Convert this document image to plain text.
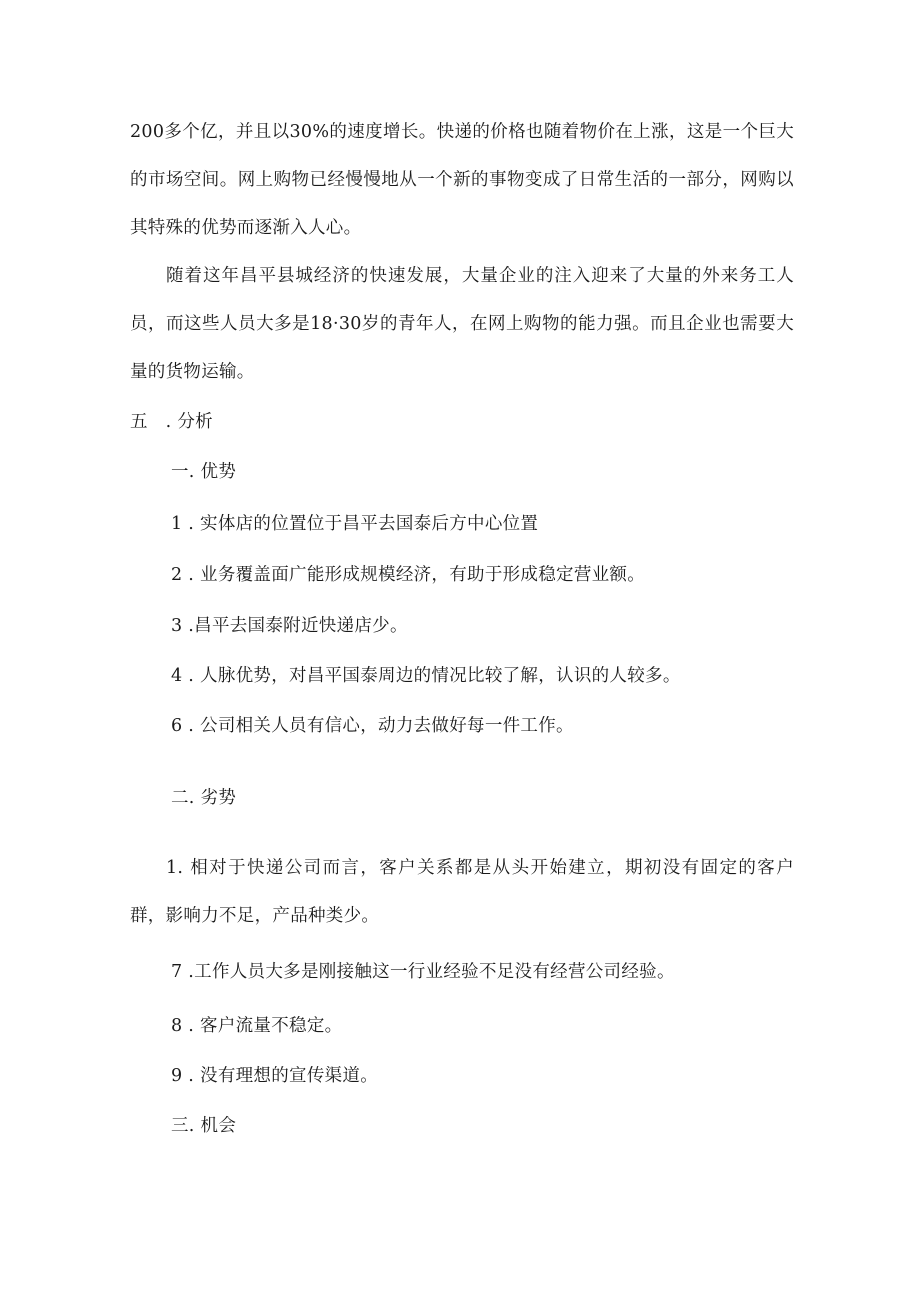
200多个亿，并且以30%的速度增长。快递的价格也随着物价在上涨，这是一个巨大的市场空间。网上购物已经慢慢地从一个新的事物变成了日常生活的一部分，网购以其特殊的优势而逐渐入人心。

随着这年昌平县城经济的快速发展，大量企业的注入迎来了大量的外来务工人员，而这些人员大多是18·30岁的青年人，在网上购物的能力强。而且企业也需要大量的货物运输。

五　. 分析

一. 优势

1 . 实体店的位置位于昌平去国泰后方中心位置

2 . 业务覆盖面广能形成规模经济，有助于形成稳定营业额。

3 .昌平去国泰附近快递店少。

4 . 人脉优势，对昌平国泰周边的情况比较了解，认识的人较多。

6 . 公司相关人员有信心，动力去做好每一件工作。

二. 劣势

1. 相对于快递公司而言，客户关系都是从头开始建立，期初没有固定的客户群，影响力不足，产品种类少。

7 .工作人员大多是刚接触这一行业经验不足没有经营公司经验。

8 . 客户流量不稳定。

9 . 没有理想的宣传渠道。

三. 机会
